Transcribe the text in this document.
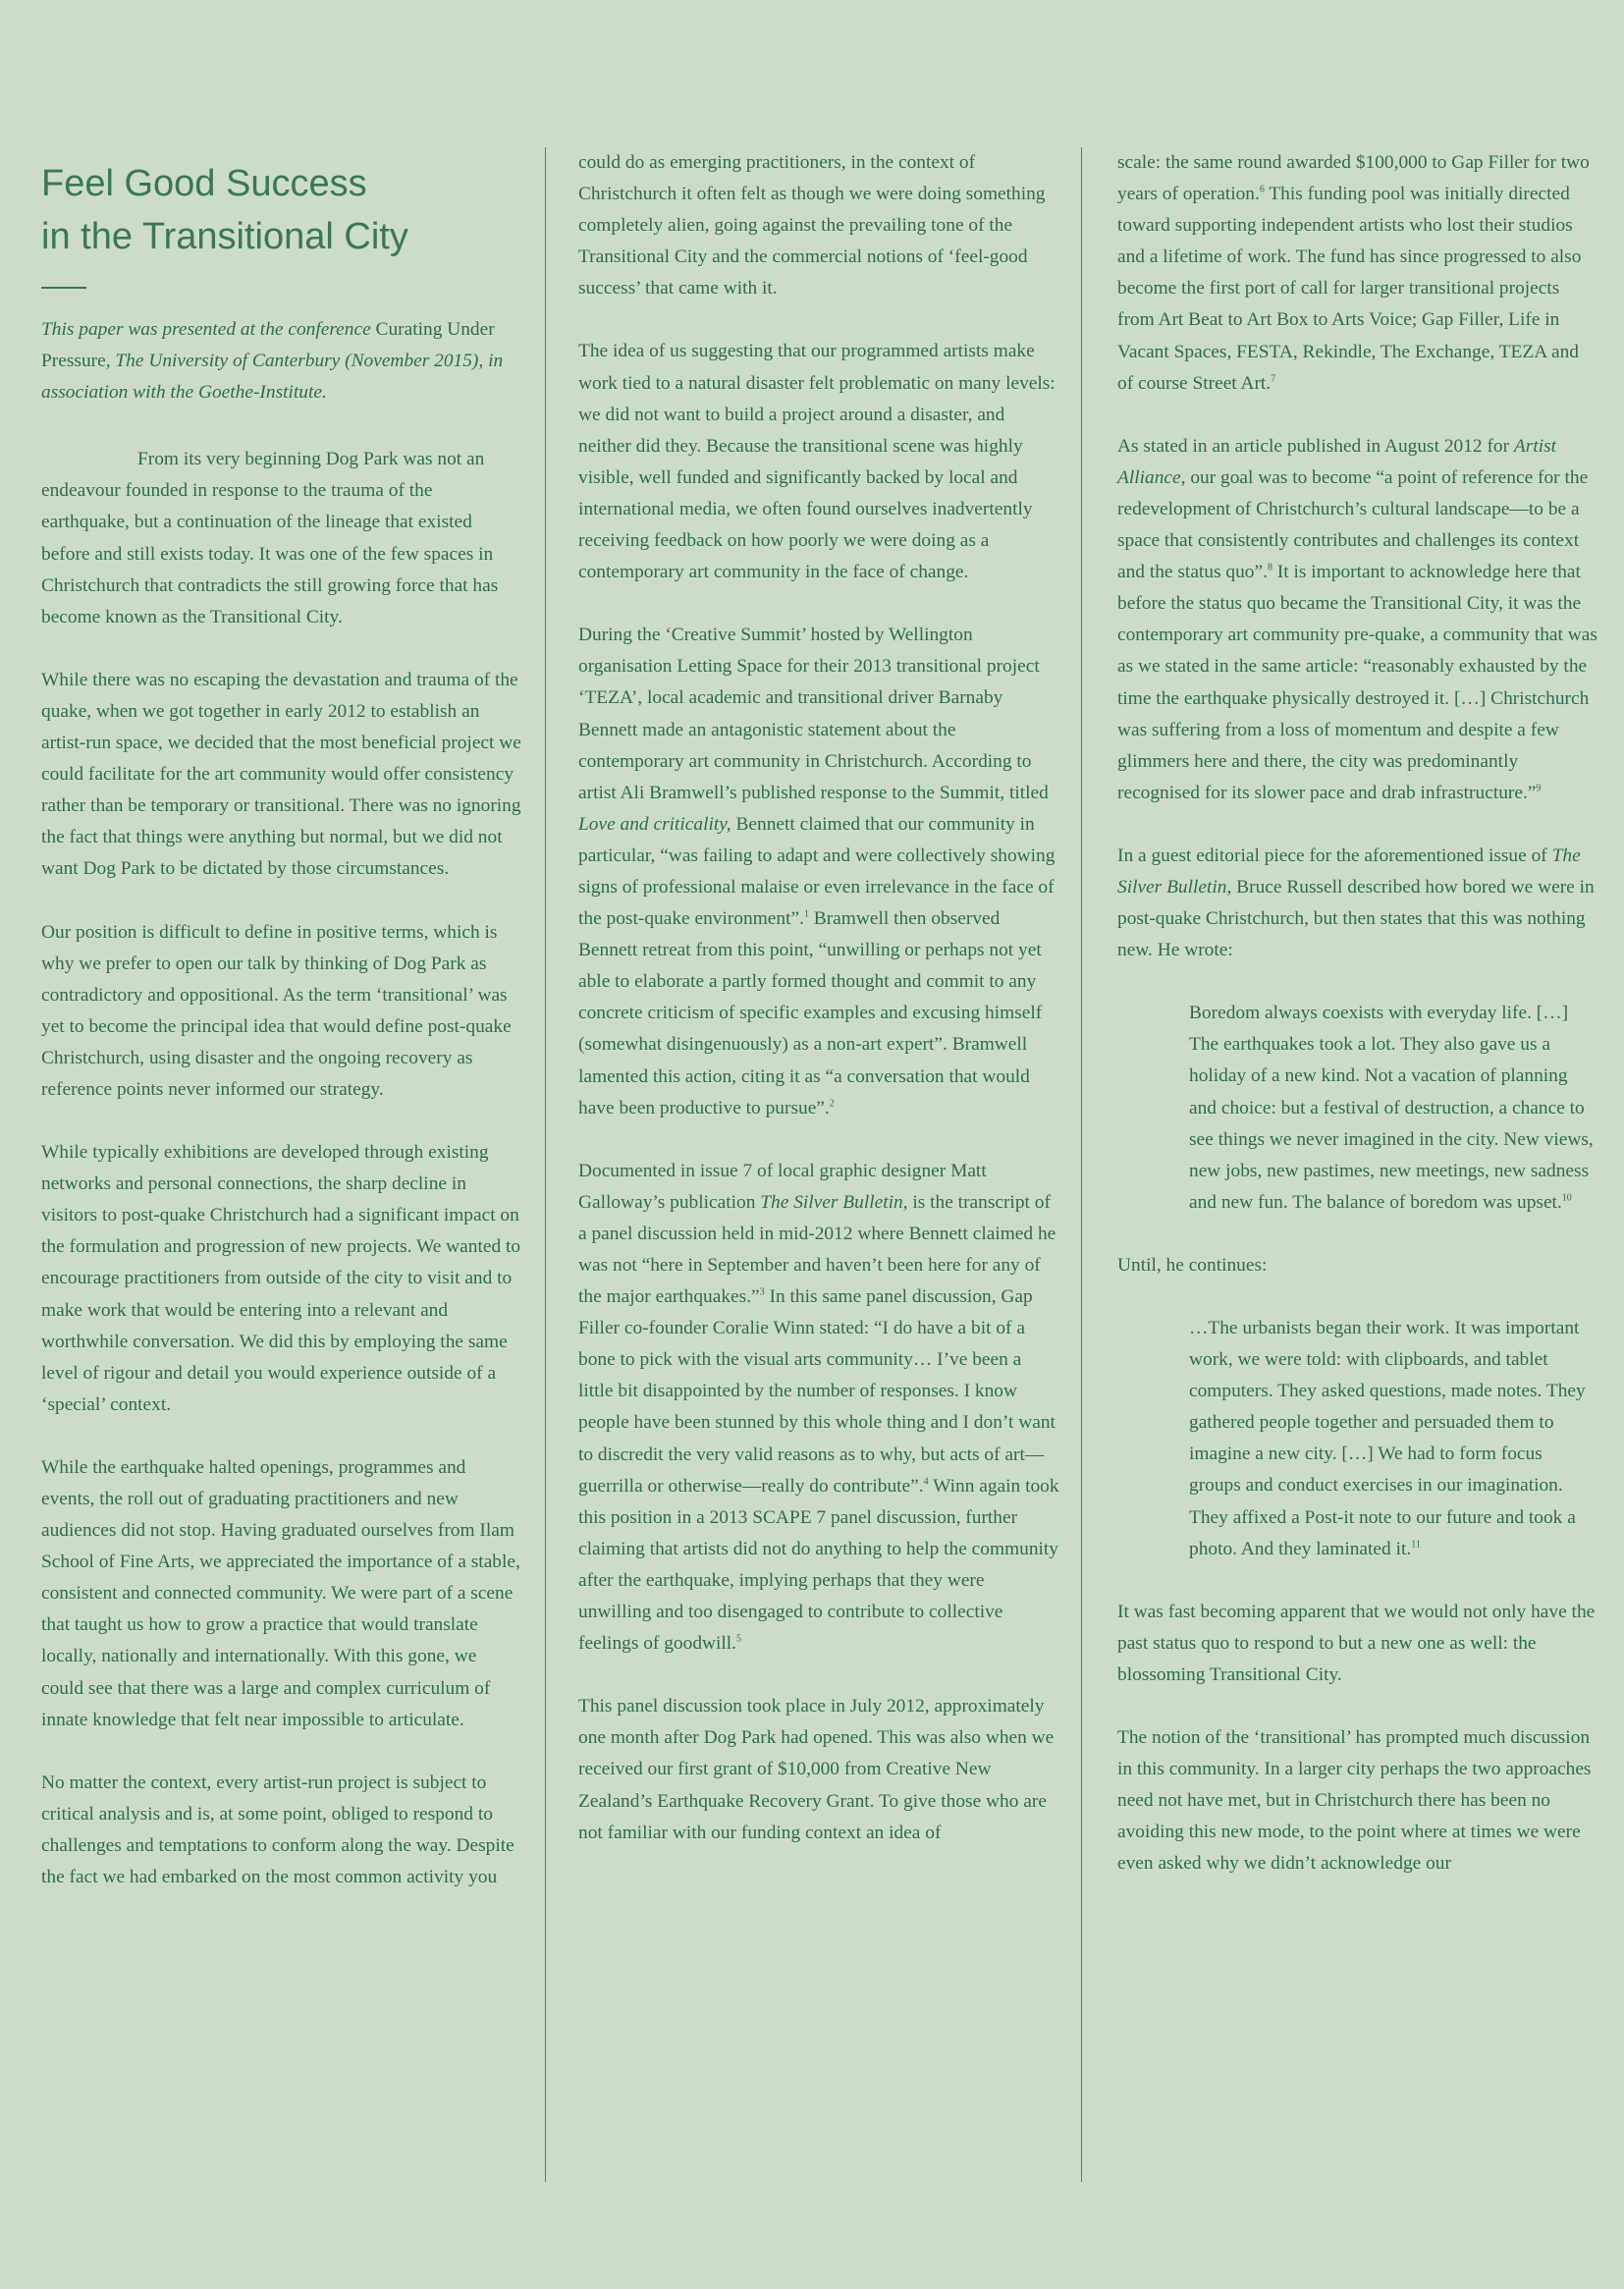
Feel Good Success
in the Transitional City

This paper was presented at the conference Curating Under Pressure, The University of Canterbury (November 2015), in association with the Goethe-Institute.

From its very beginning Dog Park was not an endeavour founded in response to the trauma of the earthquake, but a continuation of the lineage that existed before and still exists today. It was one of the few spaces in Christchurch that contradicts the still growing force that has become known as the Transitional City.

While there was no escaping the devastation and trauma of the quake, when we got together in early 2012 to establish an artist-run space, we decided that the most beneficial project we could facilitate for the art community would offer consistency rather than be temporary or transitional. There was no ignoring the fact that things were anything but normal, but we did not want Dog Park to be dictated by those circumstances.

Our position is difficult to define in positive terms, which is why we prefer to open our talk by thinking of Dog Park as contradictory and oppositional. As the term ‘transitional’ was yet to become the principal idea that would define post-quake Christchurch, using disaster and the ongoing recovery as reference points never informed our strategy.

While typically exhibitions are developed through existing networks and personal connections, the sharp decline in visitors to post-quake Christchurch had a significant impact on the formulation and progression of new projects. We wanted to encourage practitioners from outside of the city to visit and to make work that would be entering into a relevant and worthwhile conversation. We did this by employing the same level of rigour and detail you would experience outside of a ‘special’ context.

While the earthquake halted openings, programmes and events, the roll out of graduating practitioners and new audiences did not stop. Having graduated ourselves from Ilam School of Fine Arts, we appreciated the importance of a stable, consistent and connected community. We were part of a scene that taught us how to grow a practice that would translate locally, nationally and internationally. With this gone, we could see that there was a large and complex curriculum of innate knowledge that felt near impossible to articulate.

No matter the context, every artist-run project is subject to critical analysis and is, at some point, obliged to respond to challenges and temptations to conform along the way. Despite the fact we had embarked on the most common activity you

could do as emerging practitioners, in the context of Christchurch it often felt as though we were doing something completely alien, going against the prevailing tone of the Transitional City and the commercial notions of ‘feel-good success’ that came with it.

The idea of us suggesting that our programmed artists make work tied to a natural disaster felt problematic on many levels: we did not want to build a project around a disaster, and neither did they. Because the transitional scene was highly visible, well funded and significantly backed by local and international media, we often found ourselves inadvertently receiving feedback on how poorly we were doing as a contemporary art community in the face of change.

During the ‘Creative Summit’ hosted by Wellington organisation Letting Space for their 2013 transitional project ‘TEZA’, local academic and transitional driver Barnaby Bennett made an antagonistic statement about the contemporary art community in Christchurch. According to artist Ali Bramwell’s published response to the Summit, titled Love and criticality, Bennett claimed that our community in particular, “was failing to adapt and were collectively showing signs of professional malaise or even irrelevance in the face of the post-quake environment”.$^1$ Bramwell then observed Bennett retreat from this point, “unwilling or perhaps not yet able to elaborate a partly formed thought and commit to any concrete criticism of specific examples and excusing himself (somewhat disingenuously) as a non-art expert”. Bramwell lamented this action, citing it as “a conversation that would have been productive to pursue”.$^2$

Documented in issue 7 of local graphic designer Matt Galloway’s publication The Silver Bulletin, is the transcript of a panel discussion held in mid-2012 where Bennett claimed he was not “here in September and haven’t been here for any of the major earthquakes.”$^3$ In this same panel discussion, Gap Filler co-founder Coralie Winn stated: “I do have a bit of a bone to pick with the visual arts community… I’ve been a little bit disappointed by the number of responses. I know people have been stunned by this whole thing and I don’t want to discredit the very valid reasons as to why, but acts of art—guerrilla or otherwise—really do contribute”.$^4$ Winn again took this position in a 2013 SCAPE 7 panel discussion, further claiming that artists did not do anything to help the community after the earthquake, implying perhaps that they were unwilling and too disengaged to contribute to collective feelings of goodwill.$^5$

This panel discussion took place in July 2012, approximately one month after Dog Park had opened. This was also when we received our first grant of $10,000 from Creative New Zealand’s Earthquake Recovery Grant. To give those who are not familiar with our funding context an idea of

scale: the same round awarded $100,000 to Gap Filler for two years of operation.$^6$ This funding pool was initially directed toward supporting independent artists who lost their studios and a lifetime of work. The fund has since progressed to also become the first port of call for larger transitional projects from Art Beat to Art Box to Arts Voice; Gap Filler, Life in Vacant Spaces, FESTA, Rekindle, The Exchange, TEZA and of course Street Art.$^7$

As stated in an article published in August 2012 for Artist Alliance, our goal was to become “a point of reference for the redevelopment of Christchurch’s cultural landscape—to be a space that consistently contributes and challenges its context and the status quo”.$^8$ It is important to acknowledge here that before the status quo became the Transitional City, it was the contemporary art community pre-quake, a community that was as we stated in the same article: “reasonably exhausted by the time the earthquake physically destroyed it. […] Christchurch was suffering from a loss of momentum and despite a few glimmers here and there, the city was predominantly recognised for its slower pace and drab infrastructure.”$^9$

In a guest editorial piece for the aforementioned issue of The Silver Bulletin, Bruce Russell described how bored we were in post-quake Christchurch, but then states that this was nothing new. He wrote:

Boredom always coexists with everyday life. […] The earthquakes took a lot. They also gave us a holiday of a new kind. Not a vacation of planning and choice: but a festival of destruction, a chance to see things we never imagined in the city. New views, new jobs, new pastimes, new meetings, new sadness and new fun. The balance of boredom was upset.$^{10}$

Until, he continues:

…The urbanists began their work. It was important work, we were told: with clipboards, and tablet computers. They asked questions, made notes. They gathered people together and persuaded them to imagine a new city. […] We had to form focus groups and conduct exercises in our imagination. They affixed a Post-it note to our future and took a photo. And they laminated it.$^{11}$

It was fast becoming apparent that we would not only have the past status quo to respond to but a new one as well: the blossoming Transitional City.

The notion of the ‘transitional’ has prompted much discussion in this community. In a larger city perhaps the two approaches need not have met, but in Christchurch there has been no avoiding this new mode, to the point where at times we were even asked why we didn’t acknowledge our
